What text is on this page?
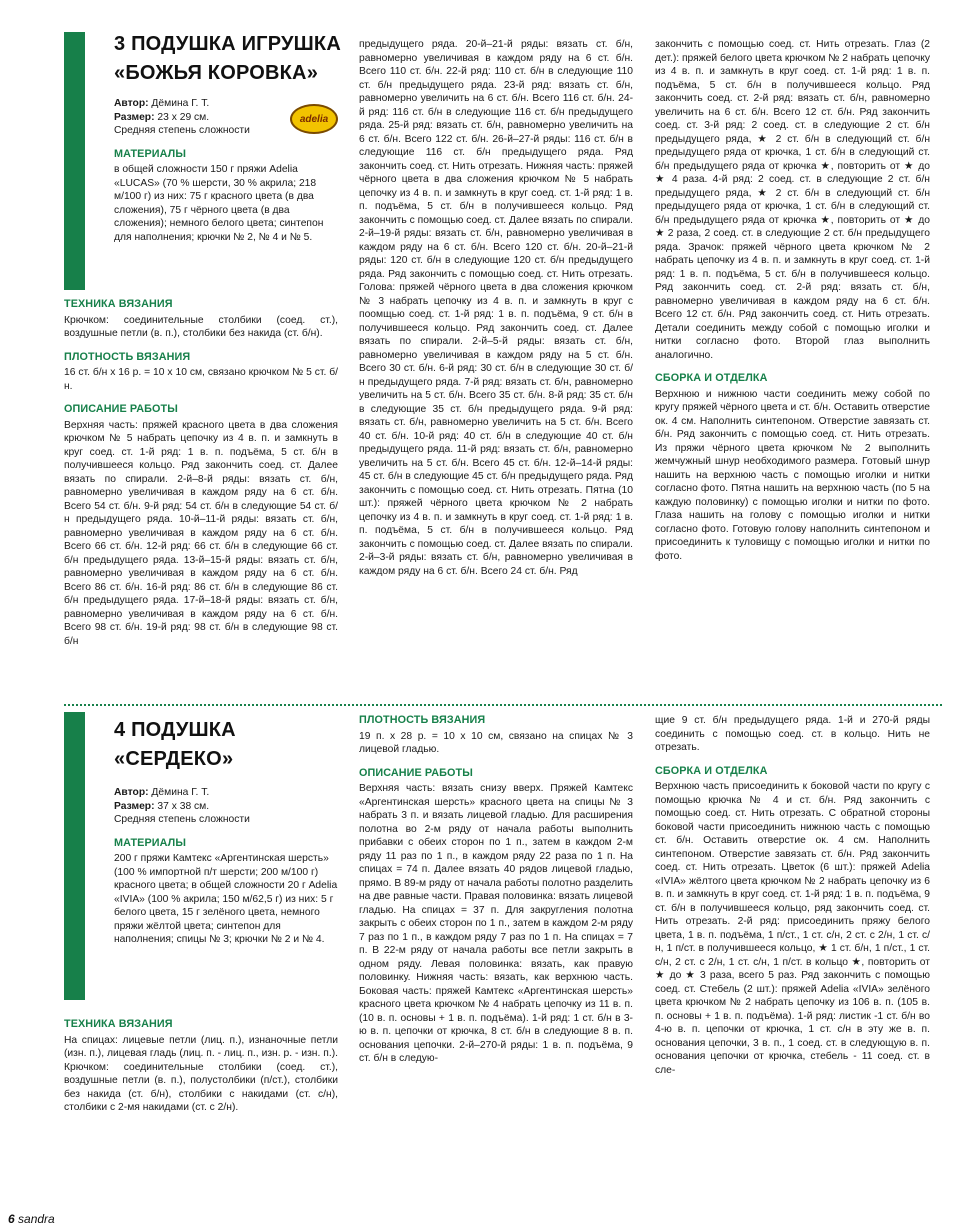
3 ПОДУШКА ИГРУШКА
«БОЖЬЯ КОРОВКА»
adelia

Автор: Дёмина Г. Т.

Размер: 23 x 29 см.

Средняя степень сложности

МАТЕРИАЛЫ

в общей сложности 150 г пряжи Adelia «LUCAS» (70 % шерсти, 30 % акрила; 218 м/100 г) из них: 75 г красного цвета (в два сложения), 75 г чёрного цвета (в два сложения); немного белого цвета; синтепон для наполнения; крючки № 2, № 4 и № 5.

ТЕХНИКА ВЯЗАНИЯ

Крючком: соединительные столбики (соед. ст.), воздушные петли (в. п.), столбики без накида (ст. б/н).

ПЛОТНОСТЬ ВЯЗАНИЯ

16 ст. б/н х 16 р. = 10 х 10 см, связано крючком № 5 ст. б/н.

ОПИСАНИЕ РАБОТЫ

Верхняя часть: пряжей красного цвета в два сложения крючком № 5 набрать цепочку из 4 в. п. и замкнуть в круг соед. ст. 1-й ряд: 1 в. п. подъёма, 5 ст. б/н в получившееся кольцо. Ряд закончить соед. ст. Далее вязать по спирали. 2-й–8-й ряды: вязать ст. б/н, равномерно увеличивая в каждом ряду на 6 ст. б/н. Всего 54 ст. б/н. 9-й ряд: 54 ст. б/н в следующие 54 ст. б/н предыдущего ряда. 10-й–11-й ряды: вязать ст. б/н, равномерно увеличивая в каждом ряду на 6 ст. б/н. Всего 66 ст. б/н. 12-й ряд: 66 ст. б/н в следующие 66 ст. б/н предыдущего ряда. 13-й–15-й ряды: вязать ст. б/н, равномерно увеличивая в каждом ряду на 6 ст. б/н. Всего 86 ст. б/н. 16-й ряд: 86 ст. б/н в следующие 86 ст. б/н предыдущего ряда. 17-й–18-й ряды: вязать ст. б/н, равномерно увеличивая в каждом ряду на 6 ст. б/н. Всего 98 ст. б/н. 19-й ряд: 98 ст. б/н в следующие 98 ст. б/н

предыдущего ряда. 20-й–21-й ряды: вязать ст. б/н, равномерно увеличивая в каждом ряду на 6 ст. б/н. Всего 110 ст. б/н. 22-й ряд: 110 ст. б/н в следующие 110 ст. б/н предыдущего ряда. 23-й ряд: вязать ст. б/н, равномерно увеличить на 6 ст. б/н. Всего 116 ст. б/н. 24-й ряд: 116 ст. б/н в следующие 116 ст. б/н предыдущего ряда. 25-й ряд: вязать ст. б/н, равномерно увеличить на 6 ст. б/н. Всего 122 ст. б/н. 26-й–27-й ряды: 116 ст. б/н в следующие 116 ст. б/н предыдущего ряда. Ряд закончить соед. ст. Нить отрезать. Нижняя часть: пряжей чёрного цвета в два сложения крючком № 5 набрать цепочку из 4 в. п. и замкнуть в круг соед. ст. 1-й ряд: 1 в. п. подъёма, 5 ст. б/н в получившееся кольцо. Ряд закончить с помощью соед. ст. Далее вязать по спирали. 2-й–19-й ряды: вязать ст. б/н, равномерно увеличивая в каждом ряду на 6 ст. б/н. Всего 120 ст. б/н. 20-й–21-й ряды: 120 ст. б/н в следующие 120 ст. б/н предыдущего ряда. Ряд закончить с помощью соед. ст. Нить отрезать. Голова: пряжей чёрного цвета в два сложения крючком № 3 набрать цепочку из 4 в. п. и замкнуть в круг с поомщью соед. ст. 1-й ряд: 1 в. п. подъёма, 9 ст. б/н в получившееся кольцо. Ряд закончить соед. ст. Далее вязать по спирали. 2-й–5-й ряды: вязать ст. б/н, равномерно увеличивая в каждом ряду на 5 ст. б/н. Всего 30 ст. б/н. 6-й ряд: 30 ст. б/н в следующие 30 ст. б/н предыдущего ряда. 7-й ряд: вязать ст. б/н, равномерно увеличить на 5 ст. б/н. Всего 35 ст. б/н. 8-й ряд: 35 ст. б/н в следующие 35 ст. б/н предыдущего ряда. 9-й ряд: вязать ст. б/н, равномерно увеличить на 5 ст. б/н. Всего 40 ст. б/н. 10-й ряд: 40 ст. б/н в следующие 40 ст. б/н предыдущего ряда. 11-й ряд: вязать ст. б/н, равномерно увеличить на 5 ст. б/н. Всего 45 ст. б/н. 12-й–14-й ряды: 45 ст. б/н в следующие 45 ст. б/н предыдущего ряда. Ряд закончить с помощью соед. ст. Нить отрезать. Пятна (10 шт.): пряжей чёрного цвета крючком № 2 набрать цепочку из 4 в. п. и замкнуть в круг соед. ст. 1-й ряд: 1 в. п. подъёма, 5 ст. б/н в получившееся кольцо. Ряд закончить с помощью соед. ст. Далее вязать по спирали. 2-й–3-й ряды: вязать ст. б/н, равномерно увеличивая в каждом ряду на 6 ст. б/н. Всего 24 ст. б/н. Ряд

закончить с помощью соед. ст. Нить отрезать. Глаз (2 дет.): пряжей белого цвета крючком № 2 набрать цепочку из 4 в. п. и замкнуть в круг соед. ст. 1-й ряд: 1 в. п. подъёма, 5 ст. б/н в получившееся кольцо. Ряд закончить соед. ст. 2-й ряд: вязать ст. б/н, равномерно увеличить на 6 ст. б/н. Всего 12 ст. б/н. Ряд закончить соед. ст. 3-й ряд: 2 соед. ст. в следующие 2 ст. б/н предыдущего ряда, ★ 2 ст. б/н в следующий ст. б/н предыдущего ряда от крючка, 1 ст. б/н в следующий ст. б/н предыдущего ряда от крючка ★, повторить от ★ до ★ 4 раза. 4-й ряд: 2 соед. ст. в следующие 2 ст. б/н предыдущего ряда, ★ 2 ст. б/н в следующий ст. б/н предыдущего ряда от крючка, 1 ст. б/н в следующий ст. б/н предыдущего ряда от крючка ★, повторить от ★ до ★ 2 раза, 2 соед. ст. в следующие 2 ст. б/н предыдущего ряда. Зрачок: пряжей чёрного цвета крючком № 2 набрать цепочку из 4 в. п. и замкнуть в круг соед. ст. 1-й ряд: 1 в. п. подъёма, 5 ст. б/н в получившееся кольцо. Ряд закончить соед. ст. 2-й ряд: вязать ст. б/н, равномерно увеличивая в каждом ряду на 6 ст. б/н. Всего 12 ст. б/н. Ряд закончить соед. ст. Нить отрезать. Детали соединить между собой с помощью иголки и нитки согласно фото. Второй глаз выполнить аналогично.

СБОРКА И ОТДЕЛКА

Верхнюю и нижнюю части соединить межу собой по кругу пряжей чёрного цвета и ст. б/н. Оставить отверстие ок. 4 см. Наполнить синтепоном. Отверстие завязать ст. б/н. Ряд закончить с помощью соед. ст. Нить отрезать. Из пряжи чёрного цвета крючком № 2 выполнить жемчужный шнур необходимого размера. Готовый шнур нашить на верхнюю часть с помощью иголки и нитки согласно фото. Пятна нашить на верхнюю часть (по 5 на каждую половинку) с помощью иголки и нитки по фото. Глаза нашить на голову с помощью иголки и нитки согласно фото. Готовую голову наполнить синтепоном и присоединить к туловищу с помощью иголки и нитки по фото.

4 ПОДУШКА
«СЕРДЕКО»

Автор: Дёмина Г. Т.

Размер: 37 x 38 см.

Средняя степень сложности

МАТЕРИАЛЫ

200 г пряжи Камтекс «Аргентинская шерсть» (100 % импортной п/т шерсти; 200 м/100 г) красного цвета; в общей сложности 20 г Adelia «IVIA» (100 % акрила; 150 м/62,5 г) из них: 5 г белого цвета, 15 г зелёного цвета, немного пряжи жёлтой цвета; синтепон для наполнения; спицы № 3; крючки № 2 и № 4.

ТЕХНИКА ВЯЗАНИЯ

На спицах: лицевые петли (лиц. п.), изнаночные петли (изн. п.), лицевая гладь (лиц. п. - лиц. п., изн. р. - изн. п.). Крючком: соединительные столбики (соед. ст.), воздушные петли (в. п.), полустолбики (п/ст.), столбики без накида (ст. б/н), столбики с накидами (ст. с/н), столбики с 2-мя накидами (ст. с 2/н).

ПЛОТНОСТЬ ВЯЗАНИЯ

19 п. х 28 р. = 10 х 10 см, связано на спицах № 3 лицевой гладью.

ОПИСАНИЕ РАБОТЫ

Верхняя часть: вязать снизу вверх. Пряжей Камтекс «Аргентинская шерсть» красного цвета на спицы № 3 набрать 3 п. и вязать лицевой гладью. Для расширения полотна во 2-м ряду от начала работы выполнить прибавки с обеих сторон по 1 п., затем в каждом 2-м ряду 11 раз по 1 п., в каждом ряду 22 раза по 1 п. На спицах = 74 п. Далее вязать 40 рядов лицевой гладью, прямо. В 89-м ряду от начала работы полотно разделить на две равные части. Правая половинка: вязать лицевой гладью. На спицах = 37 п. Для закругления полотна закрыть с обеих сторон по 1 п., затем в каждом 2-м ряду 7 раз по 1 п., в каждом ряду 7 раз по 1 п. На спицах = 7 п. В 22-м ряду от начала работы все петли закрыть в одном ряду. Левая половинка: вязать, как правую половинку. Нижняя часть: вязать, как верхнюю часть. Боковая часть: пряжей Камтекс «Аргентинская шерсть» красного цвета крючком № 4 набрать цепочку из 11 в. п. (10 в. п. основы + 1 в. п. подъёма). 1-й ряд: 1 ст. б/н в 3-ю в. п. цепочки от крючка, 8 ст. б/н в следующие 8 в. п. основания цепочки. 2-й–270-й ряды: 1 в. п. подъёма, 9 ст. б/н в следую-

щие 9 ст. б/н предыдущего ряда. 1-й и 270-й ряды соединить с помощью соед. ст. в кольцо. Нить не отрезать.

СБОРКА И ОТДЕЛКА

Верхнюю часть присоединить к боковой части по кругу с помощью крючка № 4 и ст. б/н. Ряд закончить с помощью соед. ст. Нить отрезать. С обратной стороны боковой части присоединить нижнюю часть с помощью ст. б/н. Оставить отверстие ок. 4 см. Наполнить синтепоном. Отверстие завязать ст. б/н. Ряд закончить соед. ст. Нить отрезать. Цветок (6 шт.): пряжей Adelia «IVIA» жёлтого цвета крючком № 2 набрать цепочку из 6 в. п. и замкнуть в круг соед. ст. 1-й ряд: 1 в. п. подъёма, 9 ст. б/н в получившееся кольцо, ряд закончить соед. ст. Нить отрезать. 2-й ряд: присоединить пряжу белого цвета, 1 в. п. подъёма, 1 п/ст., 1 ст. с/н, 2 ст. с 2/н, 1 ст. с/н, 1 п/ст. в получившееся кольцо, ★ 1 ст. б/н, 1 п/ст., 1 ст. с/н, 2 ст. с 2/н, 1 ст. с/н, 1 п/ст. в кольцо ★, повторить от ★ до ★ 3 раза, всего 5 раз. Ряд закончить с помощью соед. ст. Стебель (2 шт.): пряжей Adelia «IVIA» зелёного цвета крючком № 2 набрать цепочку из 106 в. п. (105 в. п. основы + 1 в. п. подъёма). 1-й ряд: листик -1 ст. б/н во 4-ю в. п. цепочки от крючка, 1 ст. с/н в эту же в. п. основания цепочки, 3 в. п., 1 соед. ст. в следующую в. п. основания цепочки от крючка, стебель - 11 соед. ст. в сле-

6 sandra
